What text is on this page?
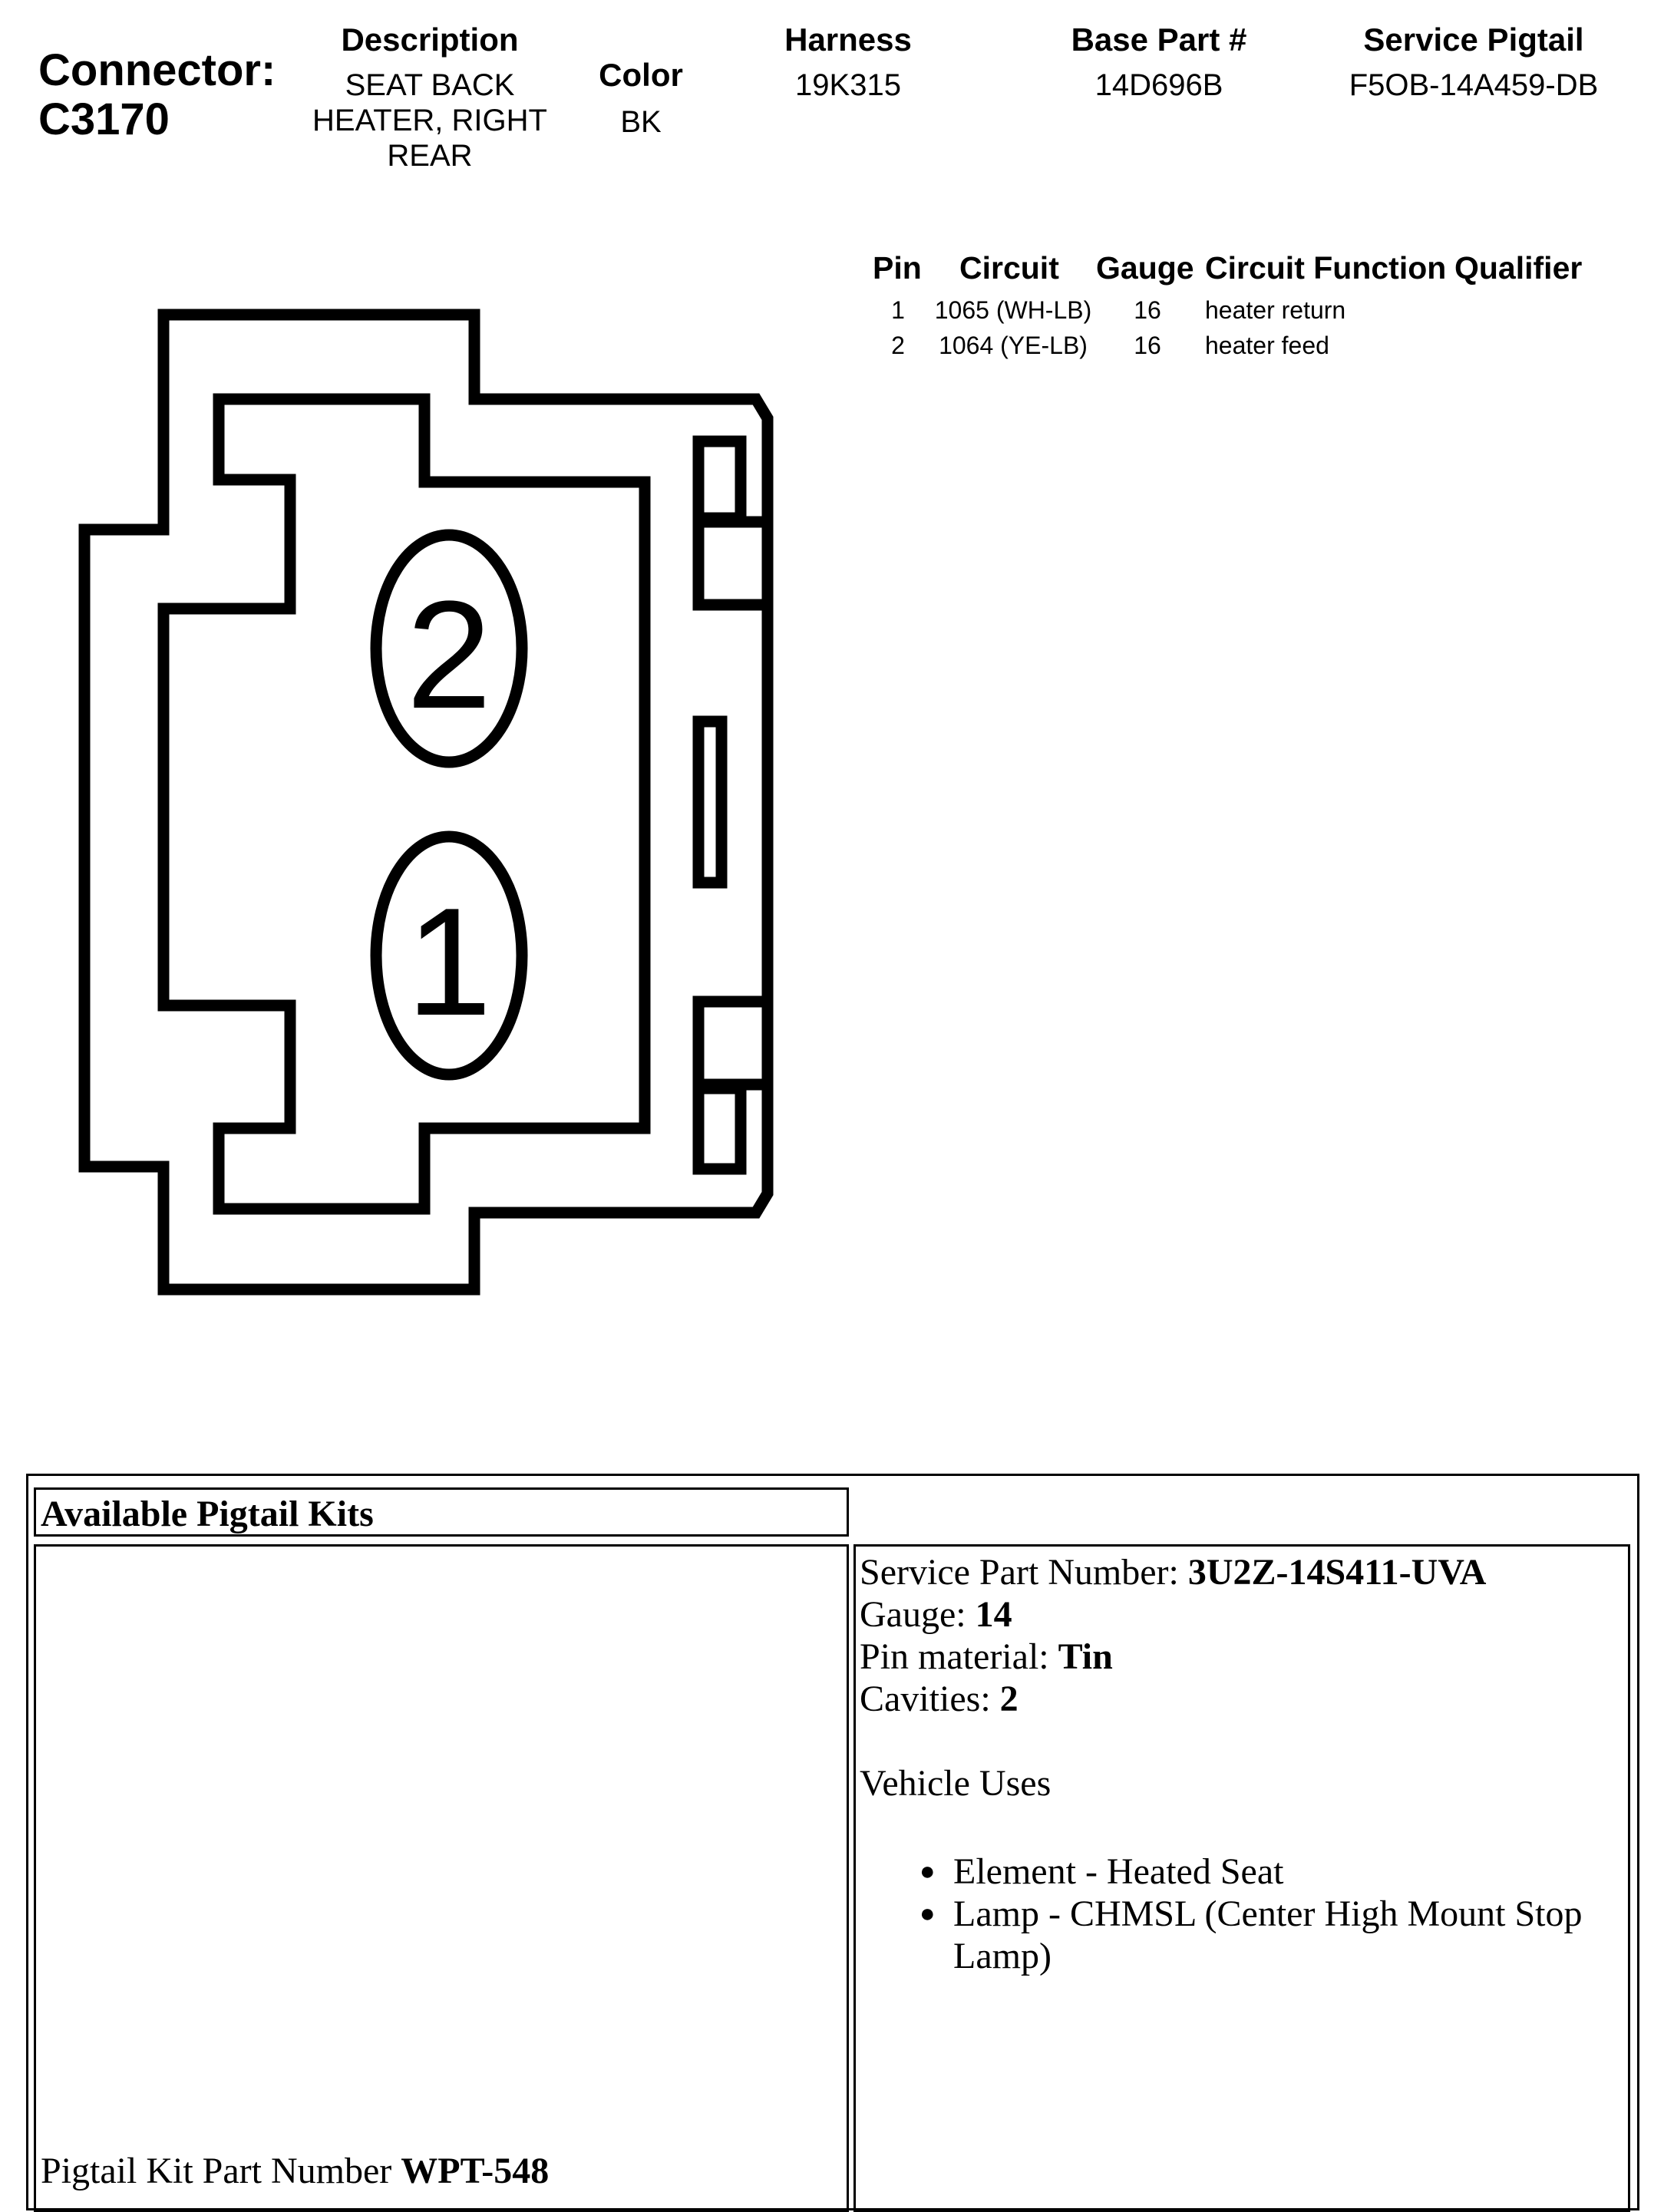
Connector:
C3170
Description
SEAT BACK
HEATER, RIGHT
REAR
Color
BK
Harness
19K315
Base Part #
14D696B
Service Pigtail
F5OB-14A459-DB
Pin Circuit Gauge Circuit Function Qualifier
1	1065 (WH-LB)	16	heater return
2	1064 (YE-LB)	16	heater feed
2
1
Available Pigtail Kits
Pigtail Kit Part Number WPT-548
Service Part Number: 3U2Z-14S411-UVA
Gauge: 14
Pin material: Tin
Cavities: 2
Vehicle Uses
● Element - Heated Seat
● Lamp - CHMSL (Center High Mount Stop Lamp)
